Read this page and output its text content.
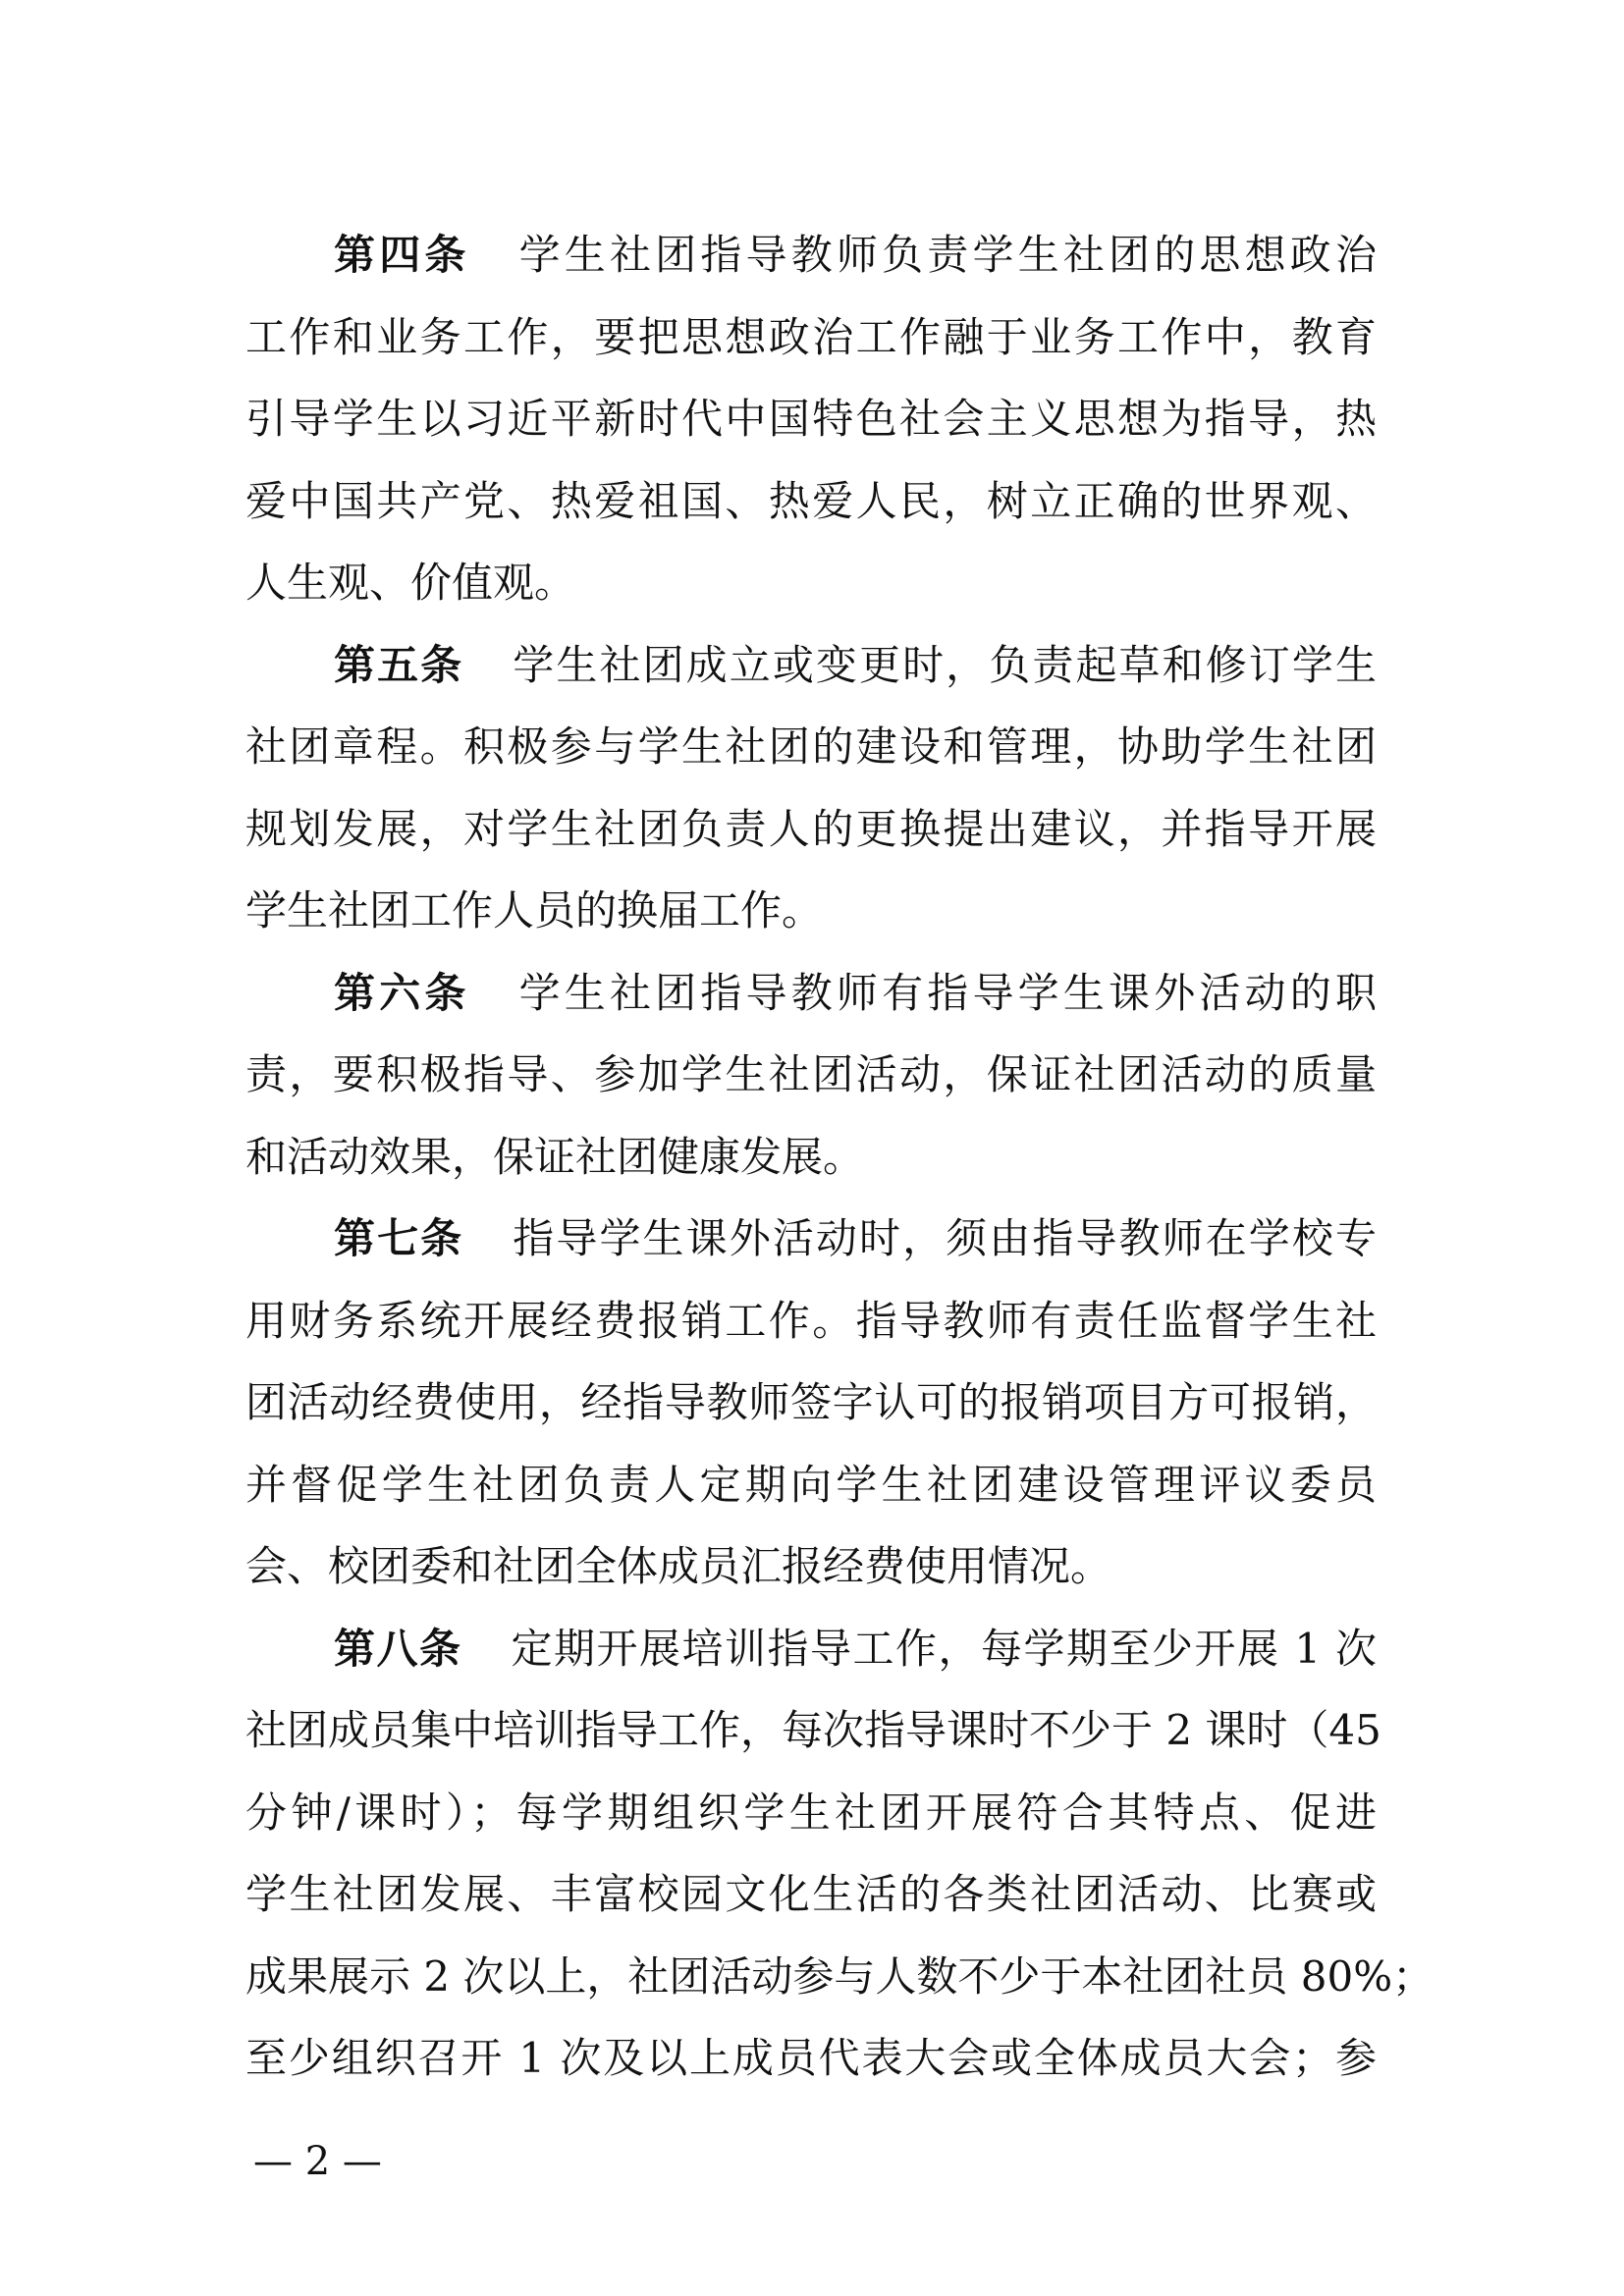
第四条 学生社团指导教师负责学生社团的思想政治
工作和业务工作，要把思想政治工作融于业务工作中，教育
引导学生以习近平新时代中国特色社会主义思想为指导，热
爱中国共产党、热爱祖国、热爱人民，树立正确的世界观、
人生观、价值观。
第五条 学生社团成立或变更时，负责起草和修订学生
社团章程。积极参与学生社团的建设和管理，协助学生社团
规划发展，对学生社团负责人的更换提出建议，并指导开展
学生社团工作人员的换届工作。
第六条 学生社团指导教师有指导学生课外活动的职
责，要积极指导、参加学生社团活动，保证社团活动的质量
和活动效果，保证社团健康发展。
第七条 指导学生课外活动时，须由指导教师在学校专
用财务系统开展经费报销工作。指导教师有责任监督学生社
团活动经费使用，经指导教师签字认可的报销项目方可报销，
并督促学生社团负责人定期向学生社团建设管理评议委员
会、校团委和社团全体成员汇报经费使用情况。
第八条 定期开展培训指导工作，每学期至少开展 1 次
社团成员集中培训指导工作，每次指导课时不少于 2 课时（45
分钟/课时）；每学期组织学生社团开展符合其特点、促进
学生社团发展、丰富校园文化生活的各类社团活动、比赛或
成果展示 2 次以上，社团活动参与人数不少于本社团社员 80%；
至少组织召开 1 次及以上成员代表大会或全体成员大会；参
— 2 —
